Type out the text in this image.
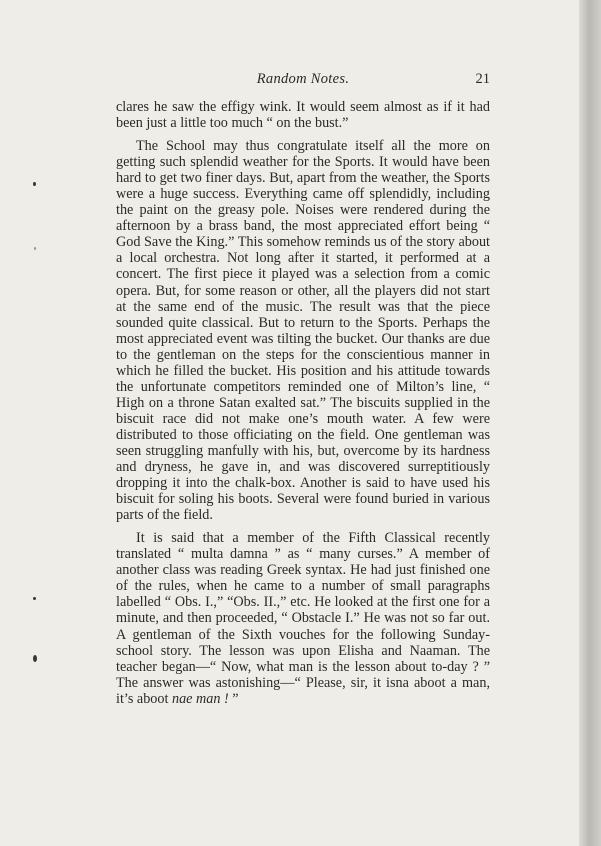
Random Notes.	21

clares he saw the effigy wink. It would seem almost as if it had been just a little too much “ on the bust.”

The School may thus congratulate itself all the more on getting such splendid weather for the Sports. It would have been hard to get two finer days. But, apart from the weather, the Sports were a huge success. Everything came off splendidly, including the paint on the greasy pole. Noises were rendered during the afternoon by a brass band, the most appreciated effort being “ God Save the King.” This somehow reminds us of the story about a local orchestra. Not long after it started, it performed at a concert. The first piece it played was a selection from a comic opera. But, for some reason or other, all the players did not start at the same end of the music. The result was that the piece sounded quite classical. But to return to the Sports. Perhaps the most appreciated event was tilting the bucket. Our thanks are due to the gentleman on the steps for the conscientious manner in which he filled the bucket. His position and his attitude towards the unfortunate competitors reminded one of Milton’s line, “ High on a throne Satan exalted sat.” The biscuits supplied in the biscuit race did not make one’s mouth water. A few were distributed to those officiating on the field. One gentleman was seen struggling manfully with his, but, overcome by its hardness and dryness, he gave in, and was discovered surreptitiously dropping it into the chalk-box. Another is said to have used his biscuit for soling his boots. Several were found buried in various parts of the field.

It is said that a member of the Fifth Classical recently translated “ multa damna ” as “ many curses.” A member of another class was reading Greek syntax. He had just finished one of the rules, when he came to a number of small paragraphs labelled “ Obs. I.,” “Obs. II.,” etc. He looked at the first one for a minute, and then proceeded, “ Obstacle I.” He was not so far out. A gentleman of the Sixth vouches for the following Sunday-school story. The lesson was upon Elisha and Naaman. The teacher began—“ Now, what man is the lesson about to-day ? ” The answer was astonishing—“ Please, sir, it isna aboot a man, it’s aboot nae man ! ”
